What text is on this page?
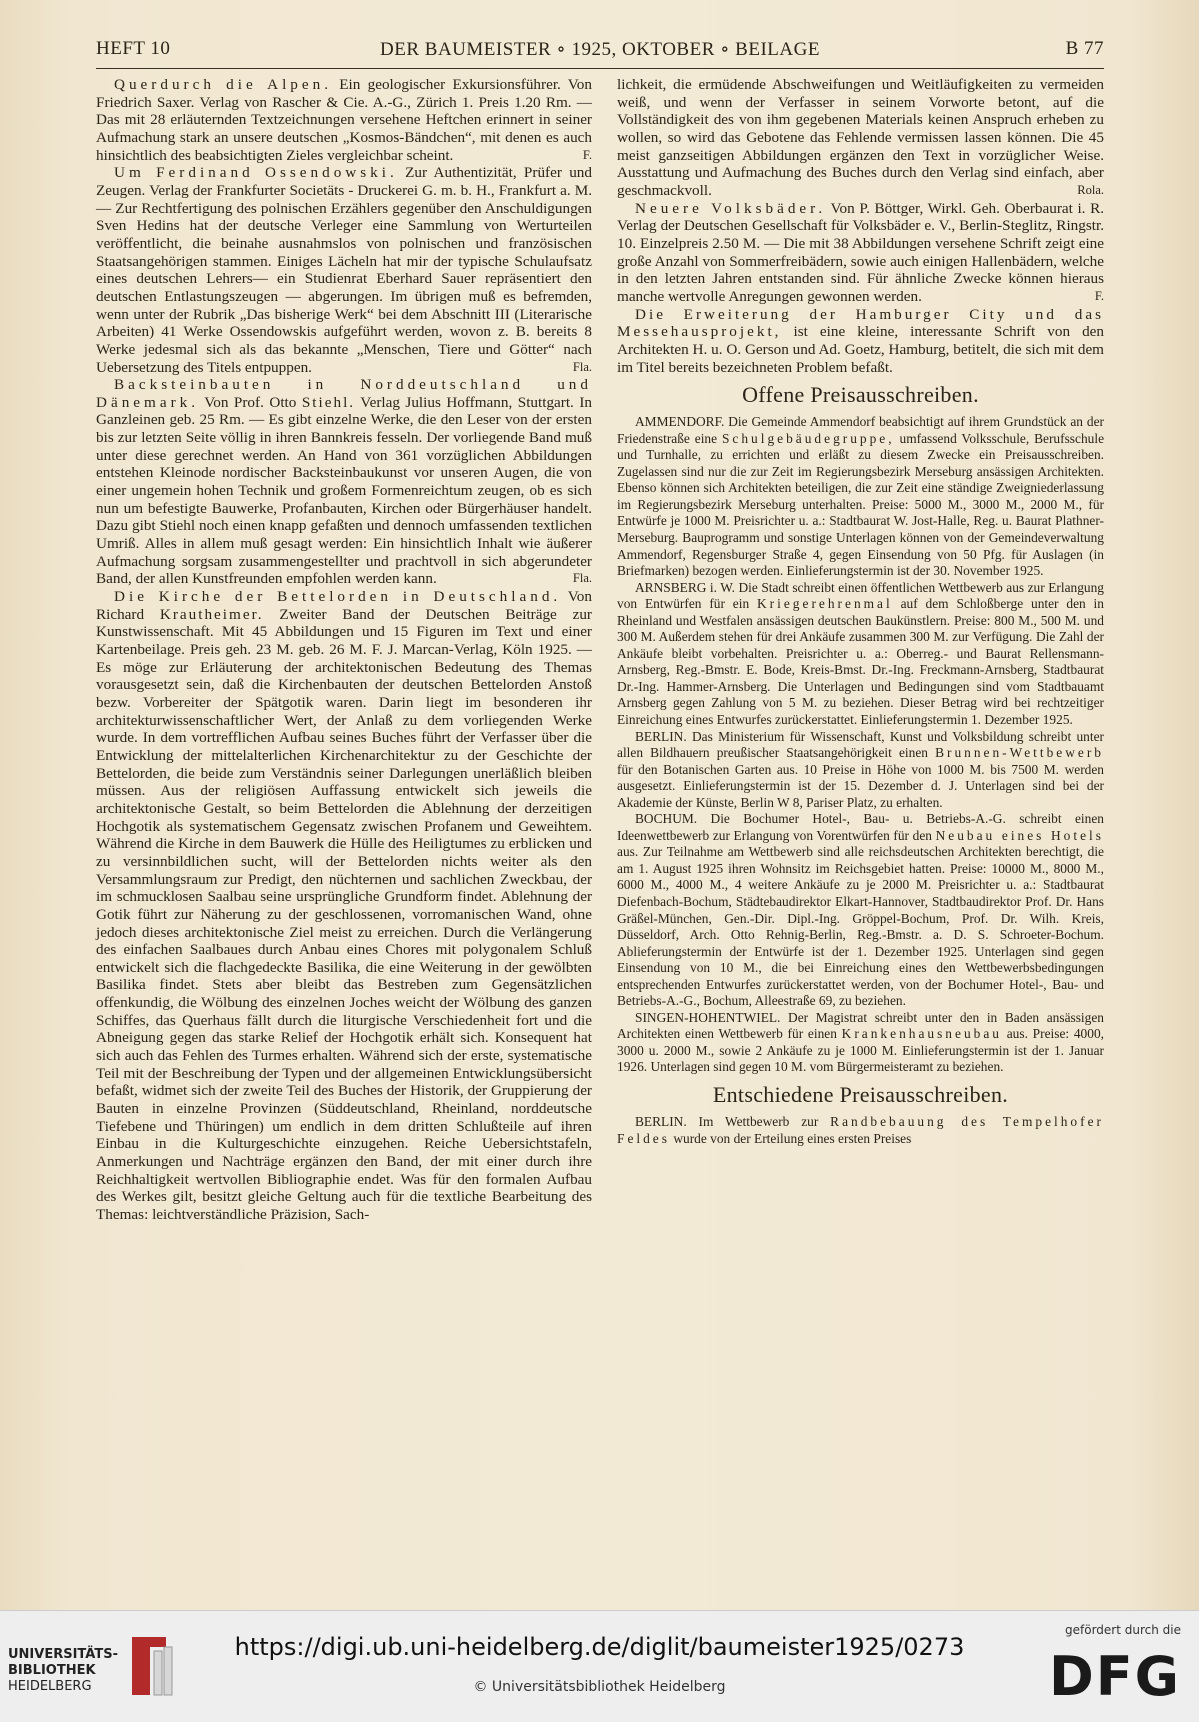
HEFT 10	DER BAUMEISTER ∘ 1925, OKTOBER ∘ BEILAGE	B 77

Querdurch die Alpen. Ein geologischer Exkursionsführer. Von Friedrich Saxer. Verlag von Rascher & Cie. A.-G., Zürich 1. Preis 1.20 Rm. — Das mit 28 erläuternden Textzeichnungen versehene Heftchen erinnert in seiner Aufmachung stark an unsere deutschen „Kosmos-Bändchen“, mit denen es auch hinsichtlich des beabsichtigten Zieles vergleichbar scheint.	F.

Um Ferdinand Ossendowski. Zur Authentizität, Prüfer und Zeugen. Verlag der Frankfurter Societäts - Druckerei G. m. b. H., Frankfurt a. M. — Zur Rechtfertigung des polnischen Erzählers gegenüber den Anschuldigungen Sven Hedins hat der deutsche Verleger eine Sammlung von Werturteilen veröffentlicht, die beinahe ausnahmslos von polnischen und französischen Staatsangehörigen stammen. Einiges Lächeln hat mir der typische Schulaufsatz eines deutschen Lehrers— ein Studienrat Eberhard Sauer repräsentiert den deutschen Entlastungszeugen — abgerungen. Im übrigen muß es befremden, wenn unter der Rubrik „Das bisherige Werk“ bei dem Abschnitt III (Literarische Arbeiten) 41 Werke Ossendowskis aufgeführt werden, wovon z. B. bereits 8 Werke jedesmal sich als das bekannte „Menschen, Tiere und Götter“ nach Uebersetzung des Titels entpuppen.	Fla.

Backsteinbauten in Norddeutschland und Dänemark. Von Prof. Otto Stiehl. Verlag Julius Hoffmann, Stuttgart. In Ganzleinen geb. 25 Rm. — Es gibt einzelne Werke, die den Leser von der ersten bis zur letzten Seite völlig in ihren Bannkreis fesseln. Der vorliegende Band muß unter diese gerechnet werden. An Hand von 361 vorzüglichen Abbildungen entstehen Kleinode nordischer Backsteinbaukunst vor unseren Augen, die von einer ungemein hohen Technik und großem Formenreichtum zeugen, ob es sich nun um befestigte Bauwerke, Profanbauten, Kirchen oder Bürgerhäuser handelt. Dazu gibt Stiehl noch einen knapp gefaßten und dennoch umfassenden textlichen Umriß. Alles in allem muß gesagt werden: Ein hinsichtlich Inhalt wie äußerer Aufmachung sorgsam zusammengestellter und prachtvoll in sich abgerundeter Band, der allen Kunstfreunden empfohlen werden kann.	Fla.

Die Kirche der Bettelorden in Deutschland. Von Richard Krautheimer. Zweiter Band der Deutschen Beiträge zur Kunstwissenschaft. Mit 45 Abbildungen und 15 Figuren im Text und einer Kartenbeilage. Preis geh. 23 M. geb. 26 M. F. J. Marcan-Verlag, Köln 1925. — Es möge zur Erläuterung der architektonischen Bedeutung des Themas vorausgesetzt sein, daß die Kirchenbauten der deutschen Bettelorden Anstoß bezw. Vorbereiter der Spätgotik waren. Darin liegt im besonderen ihr architekturwissenschaftlicher Wert, der Anlaß zu dem vorliegenden Werke wurde. In dem vortrefflichen Aufbau seines Buches führt der Verfasser über die Entwicklung der mittelalterlichen Kirchenarchitektur zu der Geschichte der Bettelorden, die beide zum Verständnis seiner Darlegungen unerläßlich bleiben müssen. Aus der religiösen Auffassung entwickelt sich jeweils die architektonische Gestalt, so beim Bettelorden die Ablehnung der derzeitigen Hochgotik als systematischem Gegensatz zwischen Profanem und Geweihtem. Während die Kirche in dem Bauwerk die Hülle des Heiligtumes zu erblicken und zu versinnbildlichen sucht, will der Bettelorden nichts weiter als den Versammlungsraum zur Predigt, den nüchternen und sachlichen Zweckbau, der im schmucklosen Saalbau seine ursprüngliche Grundform findet. Ablehnung der Gotik führt zur Näherung zu der geschlossenen, vorromanischen Wand, ohne jedoch dieses architektonische Ziel meist zu erreichen. Durch die Verlängerung des einfachen Saalbaues durch Anbau eines Chores mit polygonalem Schluß entwickelt sich die flachgedeckte Basilika, die eine Weiterung in der gewölbten Basilika findet. Stets aber bleibt das Bestreben zum Gegensätzlichen offenkundig, die Wölbung des einzelnen Joches weicht der Wölbung des ganzen Schiffes, das Querhaus fällt durch die liturgische Verschiedenheit fort und die Abneigung gegen das starke Relief der Hochgotik erhält sich. Konsequent hat sich auch das Fehlen des Turmes erhalten. Während sich der erste, systematische Teil mit der Beschreibung der Typen und der allgemeinen Entwicklungsübersicht befaßt, widmet sich der zweite Teil des Buches der Historik, der Gruppierung der Bauten in einzelne Provinzen (Süddeutschland, Rheinland, norddeutsche Tiefebene und Thüringen) um endlich in dem dritten Schlußteile auf ihren Einbau in die Kulturgeschichte einzugehen. Reiche Uebersichtstafeln, Anmerkungen und Nachträge ergänzen den Band, der mit einer durch ihre Reichhaltigkeit wertvollen Bibliographie endet. Was für den formalen Aufbau des Werkes gilt, besitzt gleiche Geltung auch für die textliche Bearbeitung des Themas: leichtverständliche Präzision, Sach-

lichkeit, die ermüdende Abschweifungen und Weitläufigkeiten zu vermeiden weiß, und wenn der Verfasser in seinem Vorworte betont, auf die Vollständigkeit des von ihm gegebenen Materials keinen Anspruch erheben zu wollen, so wird das Gebotene das Fehlende vermissen lassen können. Die 45 meist ganzseitigen Abbildungen ergänzen den Text in vorzüglicher Weise. Ausstattung und Aufmachung des Buches durch den Verlag sind einfach, aber geschmackvoll.	Rola.

Neuere Volksbäder. Von P. Böttger, Wirkl. Geh. Oberbaurat i. R. Verlag der Deutschen Gesellschaft für Volksbäder e. V., Berlin-Steglitz, Ringstr. 10. Einzelpreis 2.50 M. — Die mit 38 Abbildungen versehene Schrift zeigt eine große Anzahl von Sommerfreibädern, sowie auch einigen Hallenbädern, welche in den letzten Jahren entstanden sind. Für ähnliche Zwecke können hieraus manche wertvolle Anregungen gewonnen werden.	F.

Die Erweiterung der Hamburger City und das Messehausprojekt, ist eine kleine, interessante Schrift von den Architekten H. u. O. Gerson und Ad. Goetz, Hamburg, betitelt, die sich mit dem im Titel bereits bezeichneten Problem befaßt.

Offene Preisausschreiben.

AMMENDORF. Die Gemeinde Ammendorf beabsichtigt auf ihrem Grundstück an der Friedenstraße eine Schulgebäudegruppe, umfassend Volksschule, Berufsschule und Turnhalle, zu errichten und erläßt zu diesem Zwecke ein Preisausschreiben. Zugelassen sind nur die zur Zeit im Regierungsbezirk Merseburg ansässigen Architekten. Ebenso können sich Architekten beteiligen, die zur Zeit eine ständige Zweigniederlassung im Regierungsbezirk Merseburg unterhalten. Preise: 5000 M., 3000 M., 2000 M., für Entwürfe je 1000 M. Preisrichter u. a.: Stadtbaurat W. Jost-Halle, Reg. u. Baurat Plathner-Merseburg. Bauprogramm und sonstige Unterlagen können von der Gemeindeverwaltung Ammendorf, Regensburger Straße 4, gegen Einsendung von 50 Pfg. für Auslagen (in Briefmarken) bezogen werden. Einlieferungstermin ist der 30. November 1925.

ARNSBERG i. W. Die Stadt schreibt einen öffentlichen Wettbewerb aus zur Erlangung von Entwürfen für ein Kriegerehrenmal auf dem Schloßberge unter den in Rheinland und Westfalen ansässigen deutschen Baukünstlern. Preise: 800 M., 500 M. und 300 M. Außerdem stehen für drei Ankäufe zusammen 300 M. zur Verfügung. Die Zahl der Ankäufe bleibt vorbehalten. Preisrichter u. a.: Oberreg.- und Baurat Rellensmann-Arnsberg, Reg.-Bmstr. E. Bode, Kreis-Bmst. Dr.-Ing. Freckmann-Arnsberg, Stadtbaurat Dr.-Ing. Hammer-Arnsberg. Die Unterlagen und Bedingungen sind vom Stadtbauamt Arnsberg gegen Zahlung von 5 M. zu beziehen. Dieser Betrag wird bei rechtzeitiger Einreichung eines Entwurfes zurückerstattet. Einlieferungstermin 1. Dezember 1925.

BERLIN. Das Ministerium für Wissenschaft, Kunst und Volksbildung schreibt unter allen Bildhauern preußischer Staatsangehörigkeit einen Brunnen-Wettbewerb für den Botanischen Garten aus. 10 Preise in Höhe von 1000 M. bis 7500 M. werden ausgesetzt. Einlieferungstermin ist der 15. Dezember d. J. Unterlagen sind bei der Akademie der Künste, Berlin W 8, Pariser Platz, zu erhalten.

BOCHUM. Die Bochumer Hotel-, Bau- u. Betriebs-A.-G. schreibt einen Ideenwettbewerb zur Erlangung von Vorentwürfen für den Neubau eines Hotels aus. Zur Teilnahme am Wettbewerb sind alle reichsdeutschen Architekten berechtigt, die am 1. August 1925 ihren Wohnsitz im Reichsgebiet hatten. Preise: 10000 M., 8000 M., 6000 M., 4000 M., 4 weitere Ankäufe zu je 2000 M. Preisrichter u. a.: Stadtbaurat Diefenbach-Bochum, Städtebaudirektor Elkart-Hannover, Stadtbaudirektor Prof. Dr. Hans Gräßel-München, Gen.-Dir. Dipl.-Ing. Gröppel-Bochum, Prof. Dr. Wilh. Kreis, Düsseldorf, Arch. Otto Rehnig-Berlin, Reg.-Bmstr. a. D. S. Schroeter-Bochum. Ablieferungstermin der Entwürfe ist der 1. Dezember 1925. Unterlagen sind gegen Einsendung von 10 M., die bei Einreichung eines den Wettbewerbsbedingungen entsprechenden Entwurfes zurückerstattet werden, von der Bochumer Hotel-, Bau- und Betriebs-A.-G., Bochum, Alleestraße 69, zu beziehen.

SINGEN-HOHENTWIEL. Der Magistrat schreibt unter den in Baden ansässigen Architekten einen Wettbewerb für einen Krankenhausneubau aus. Preise: 4000, 3000 u. 2000 M., sowie 2 Ankäufe zu je 1000 M. Einlieferungstermin ist der 1. Januar 1926. Unterlagen sind gegen 10 M. vom Bürgermeisteramt zu beziehen.

Entschiedene Preisausschreiben.

BERLIN. Im Wettbewerb zur Randbebauung des Tempelhofer Feldes wurde von der Erteilung eines ersten Preises

UNIVERSITÄTS-
BIBLIOTHEK
HEIDELBERG
https://digi.ub.uni-heidelberg.de/diglit/baumeister1925/0273
© Universitätsbibliothek Heidelberg
gefördert durch die
DFG
